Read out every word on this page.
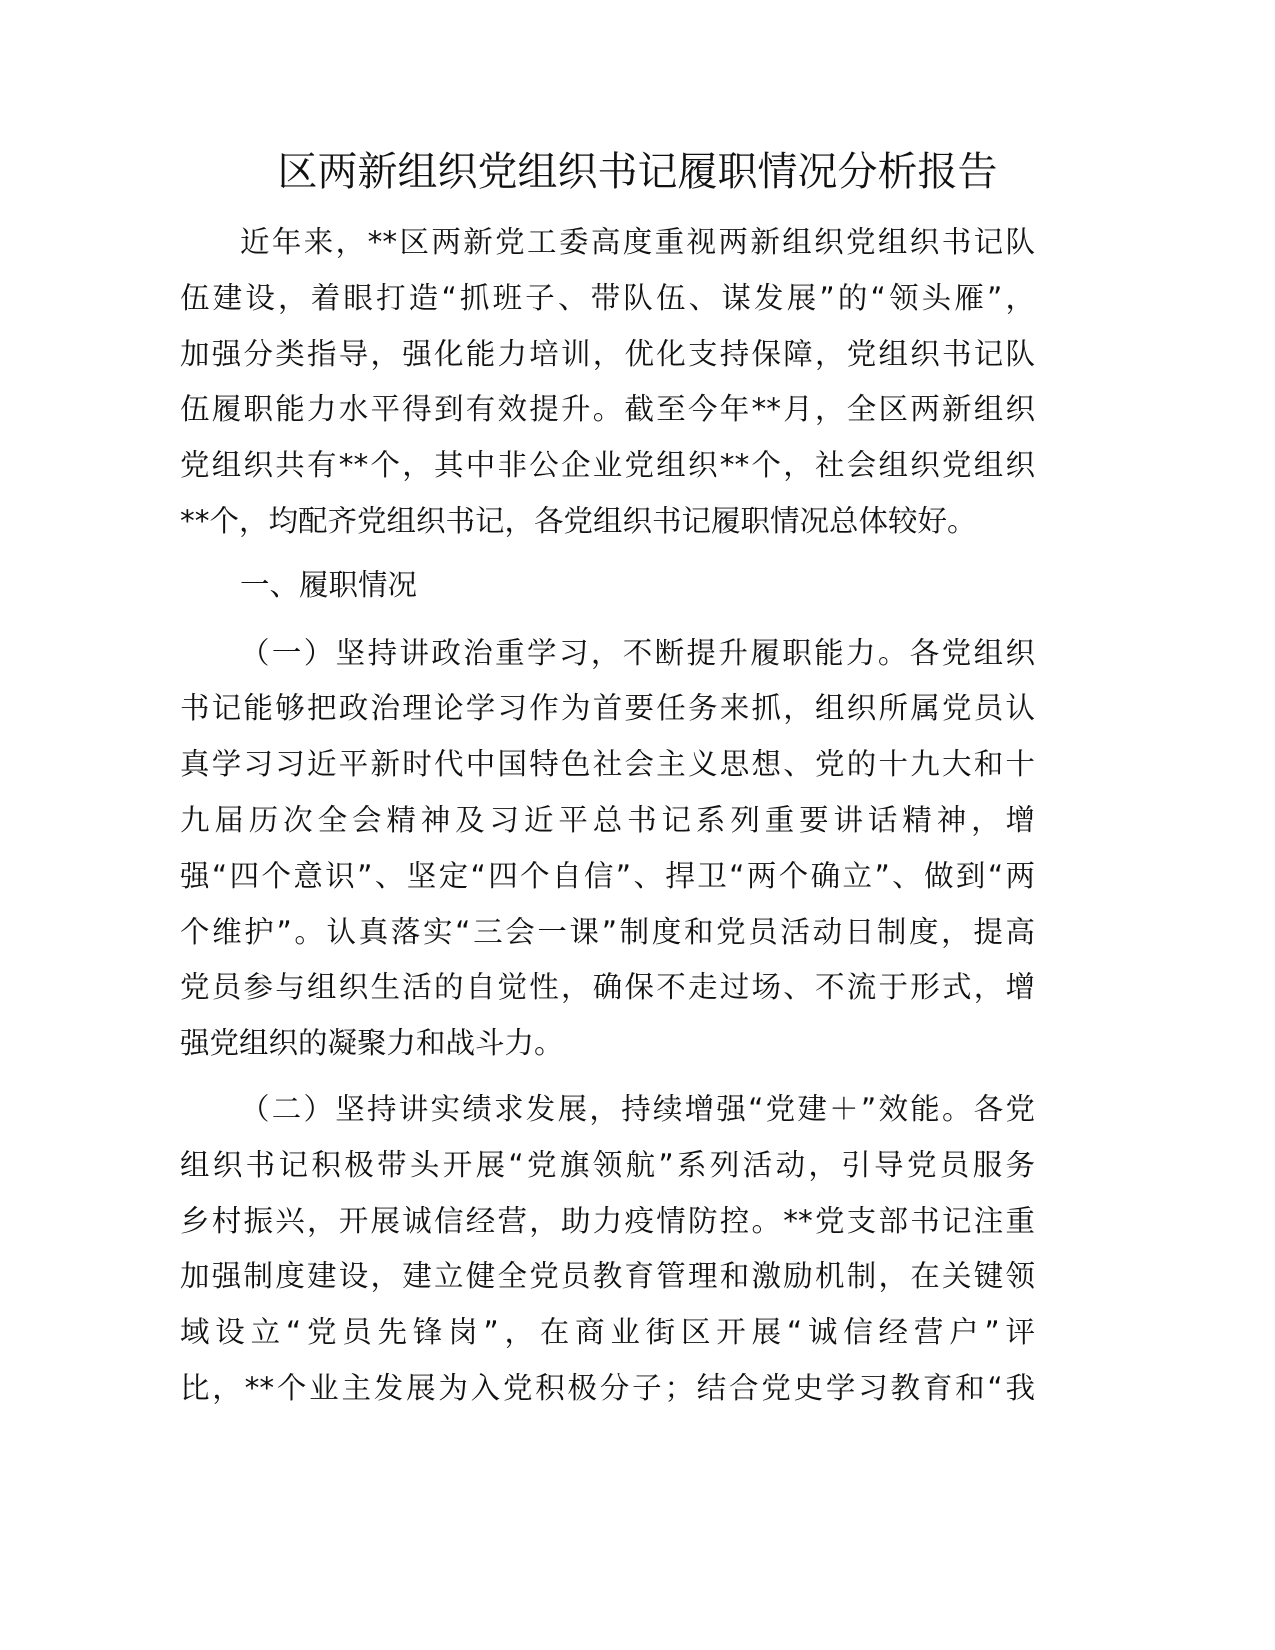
区两新组织党组织书记履职情况分析报告
近年来，**区两新党工委高度重视两新组织党组织书记队
伍建设，着眼打造“抓班子、带队伍、谋发展”的“领头雁”，
加强分类指导，强化能力培训，优化支持保障，党组织书记队
伍履职能力水平得到有效提升。截至今年**月，全区两新组织
党组织共有**个，其中非公企业党组织**个，社会组织党组织
**个，均配齐党组织书记，各党组织书记履职情况总体较好。
一、履职情况
（一）坚持讲政治重学习，不断提升履职能力。各党组织
书记能够把政治理论学习作为首要任务来抓，组织所属党员认
真学习习近平新时代中国特色社会主义思想、党的十九大和十
九届历次全会精神及习近平总书记系列重要讲话精神，增
强“四个意识”、坚定“四个自信”、捍卫“两个确立”、做到“两
个维护”。认真落实“三会一课”制度和党员活动日制度，提高
党员参与组织生活的自觉性，确保不走过场、不流于形式，增
强党组织的凝聚力和战斗力。
（二）坚持讲实绩求发展，持续增强“党建＋”效能。各党
组织书记积极带头开展“党旗领航”系列活动，引导党员服务
乡村振兴，开展诚信经营，助力疫情防控。**党支部书记注重
加强制度建设，建立健全党员教育管理和激励机制，在关键领
域设立“党员先锋岗”，在商业街区开展“诚信经营户”评
比，**个业主发展为入党积极分子；结合党史学习教育和“我
